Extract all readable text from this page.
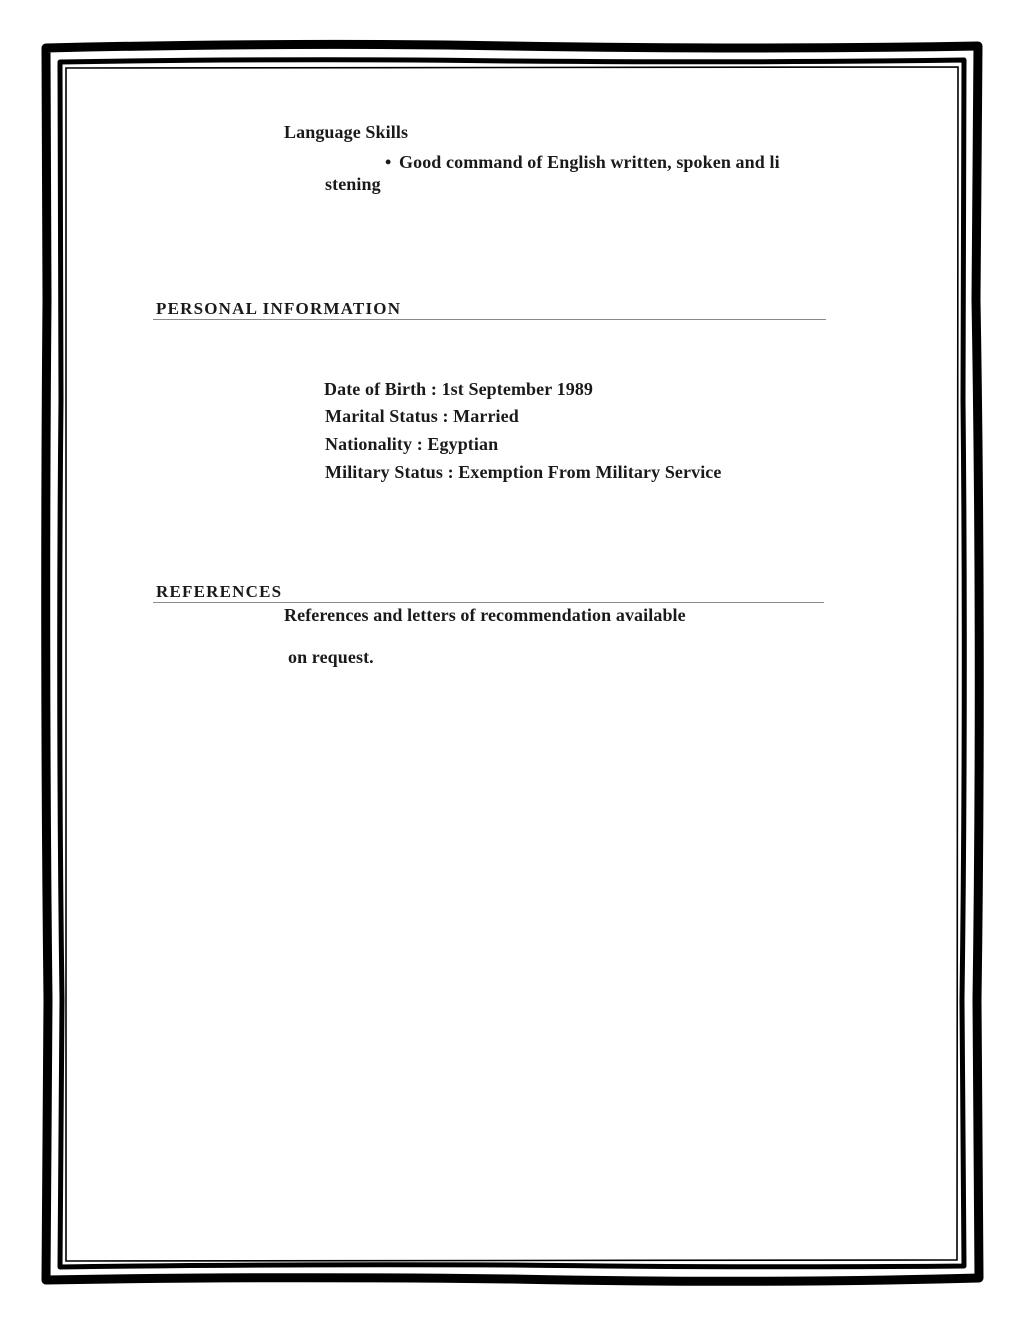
Language Skills
• Good command of English written, spoken and li
stening
PERSONAL INFORMATION
Date of Birth : 1st September 1989
Marital Status : Married
Nationality : Egyptian
Military Status : Exemption From Military Service
REFERENCES
References and letters of recommendation available
on request.
